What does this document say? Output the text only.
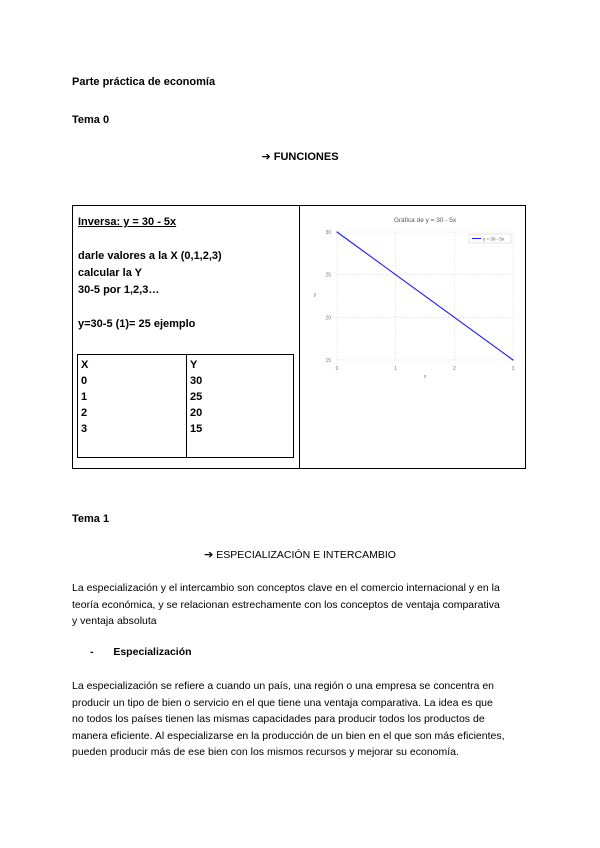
Parte práctica de economía
Tema 0
➔ FUNCIONES
Inversa: y = 30 - 5x
darle valores a la X (0,1,2,3)
calcular la Y
30-5 por 1,2,3…
y=30-5 (1)= 25 ejemplo
X	Y
0	30
1	25
2	20
3	15
Gráfica de y = 30 - 5x
15
20
25
30
0	1	2	3
x
y
y = 30 - 5x
Tema 1
➔ ESPECIALIZACIÓN E INTERCAMBIO
La especialización y el intercambio son conceptos clave en el comercio internacional y en la
teoría económica, y se relacionan estrechamente con los conceptos de ventaja comparativa
y ventaja absoluta
- Especialización
La especialización se refiere a cuando un país, una región o una empresa se concentra en
producir un tipo de bien o servicio en el que tiene una ventaja comparativa. La idea es que
no todos los países tienen las mismas capacidades para producir todos los productos de
manera eficiente. Al especializarse en la producción de un bien en el que son más eficientes,
pueden producir más de ese bien con los mismos recursos y mejorar su economía.
